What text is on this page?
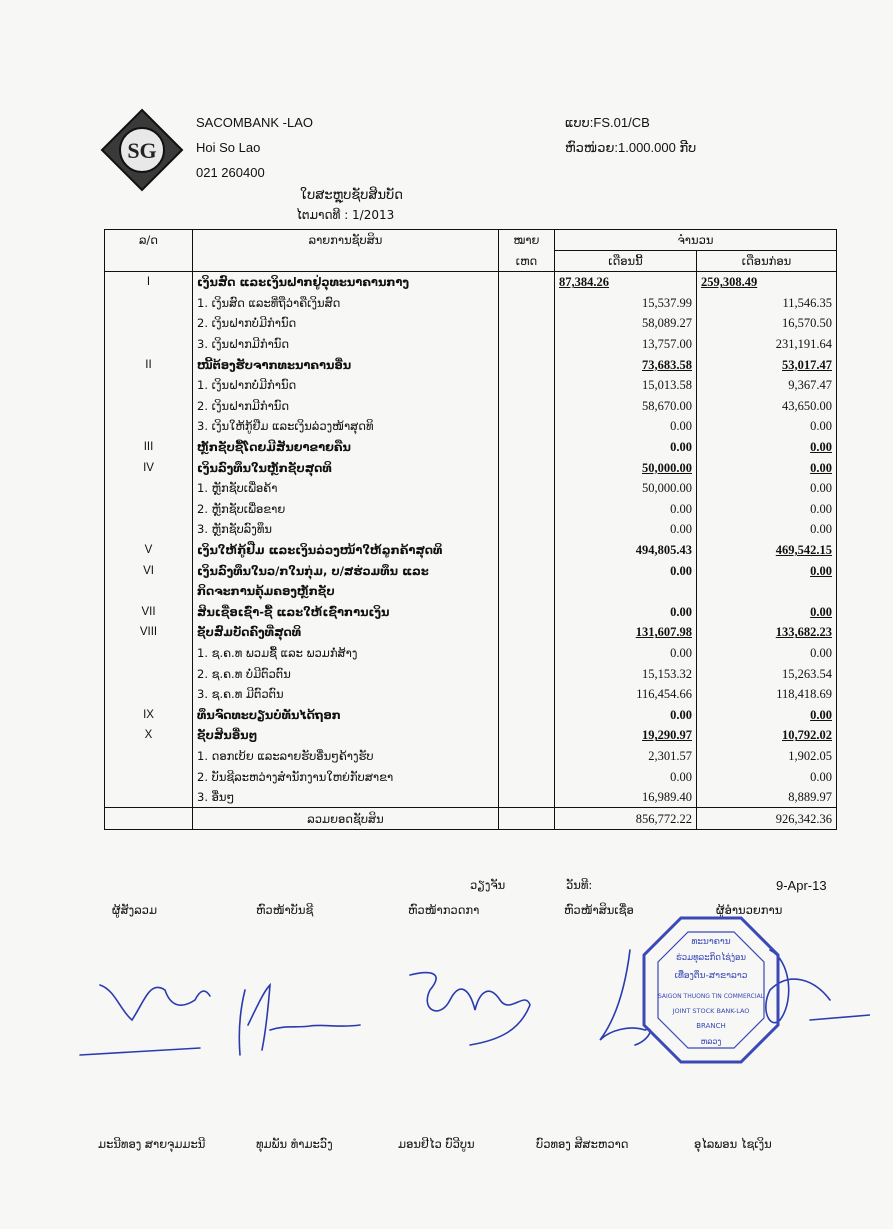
SG
SACOMBANK -LAO
Hoi So Lao
021 260400
ແບບ:FS.01/CB
ຫົວໜ່ວຍ:1.000.000 ກີບ
ໃບສະຫຼຸບຊັບສິນບັດ
ໄຕມາດທີ : 1/2013
ລ/ດ	ລາຍການຊັບສິນ	ໝາຍ	ຈໍານວນ	
		ເຫດ	ເດືອນນີ້	ເດືອນກ່ອນ
I	ເງິນສົດ ແລະເງິນຝາກຢູ່ວຸທະນາຄານກາງ		87,384.26	259,308.49
	1. ເງິນສົດ ແລະທີ່ຖືວ່າຄືເງິນສົດ		15,537.99	11,546.35
	2. ເງິນຝາກບໍ່ມີກໍານົດ		58,089.27	16,570.50
	3. ເງິນຝາກມີກໍານົດ		13,757.00	231,191.64
II	ໜີ້ຕ້ອງຮັບຈາກທະນາຄານອື່ນ		73,683.58	53,017.47
	1. ເງິນຝາກບໍ່ມີກໍານົດ		15,013.58	9,367.47
	2. ເງິນຝາກມີກໍານົດ		58,670.00	43,650.00
	3. ເງິນໃຫ້ກູ້ຢືມ ແລະເງິນລ່ວງໜ້າສຸດທິ		0.00	0.00
III	ຫຼັກຊັບຊື້ໂດຍມີສັນຍາຂາຍຄືນ		0.00	0.00
IV	ເງິນລົງທຶນໃນຫຼັກຊັບສຸດທິ		50,000.00	0.00
	1. ຫຼັກຊັບເພື່ອຄ້າ		50,000.00	0.00
	2. ຫຼັກຊັບເພື່ອຂາຍ		0.00	0.00
	3. ຫຼັກຊັບລົງທຶນ		0.00	0.00
V	ເງິນໃຫ້ກູ້ຢືມ ແລະເງິນລ່ວງໜ້າໃຫ້ລູກຄ້າສຸດທິ		494,805.43	469,542.15
VI	ເງິນລົງທຶນໃນວ/ກໃນກຸ່ມ, ບ/ສຮ່ວມທຶນ ແລະ		0.00	0.00
	ກິດຈະການຄຸ້ມຄອງຫຼັກຊັບ			
VII	ສິນເຊື່ອເຊົ່າ-ຊື້ ແລະໃຫ້ເຊົ່າການເງິນ		0.00	0.00
VIII	ຊັບສົມບັດຄົງທີ່ສຸດທິ		131,607.98	133,682.23
	1. ຊ.ຄ.ທ ພວມຊື້ ແລະ ພວມກໍ່ສ້າງ		0.00	0.00
	2. ຊ.ຄ.ທ ບໍ່ມີຕົວຕົນ		15,153.32	15,263.54
	3. ຊ.ຄ.ທ ມີຕົວຕົນ		116,454.66	118,418.69
IX	ທຶນຈົດທະບຽນບໍ່ທັນໄດ້ຖອກ		0.00	0.00
X	ຊັບສິນອື່ນໆ		19,290.97	10,792.02
	1. ດອກເບ້ຍ ແລະລາຍຮັບອື່ນໆຄ້າງຮັບ		2,301.57	1,902.05
	2. ບັນຊີລະຫວ່າງສໍານັກງານໃຫຍ່ກັບສາຂາ		0.00	0.00
	3. ອື່ນໆ		16,989.40	8,889.97
	ລວມຍອດຊັບສິນ		856,772.22	926,342.36
ວຽງຈັນ	ວັນທີ:	9-Apr-13
ຜູ້ສັງລວມ	ຫົວໜ້າບັນຊີ	ຫົວໜ້າກວດກາ	ຫົວໜ້າສິນເຊື່ອ	ຜູ້ອໍານວຍການ
ທະນາຄານ
ຮ່ວມທຸລະກິດໄຊ່ງ່ອນ
ເທື່ອງຕິ່ນ-ສາຂາລາວ
SAIGON THUONG TIN COMMERCIAL
JOINT STOCK BANK-LAO
BRANCH
ຫລວງ
ມະນີທອງ ສາຍຈຸມມະນີ	ທຸມພັນ ທໍາມະວົງ	ມອນຢີໄວ ບົວີບູນ	ບົວທອງ ສີສະຫວາດ	ອຸໄລພອນ ໄຊເງິນ
